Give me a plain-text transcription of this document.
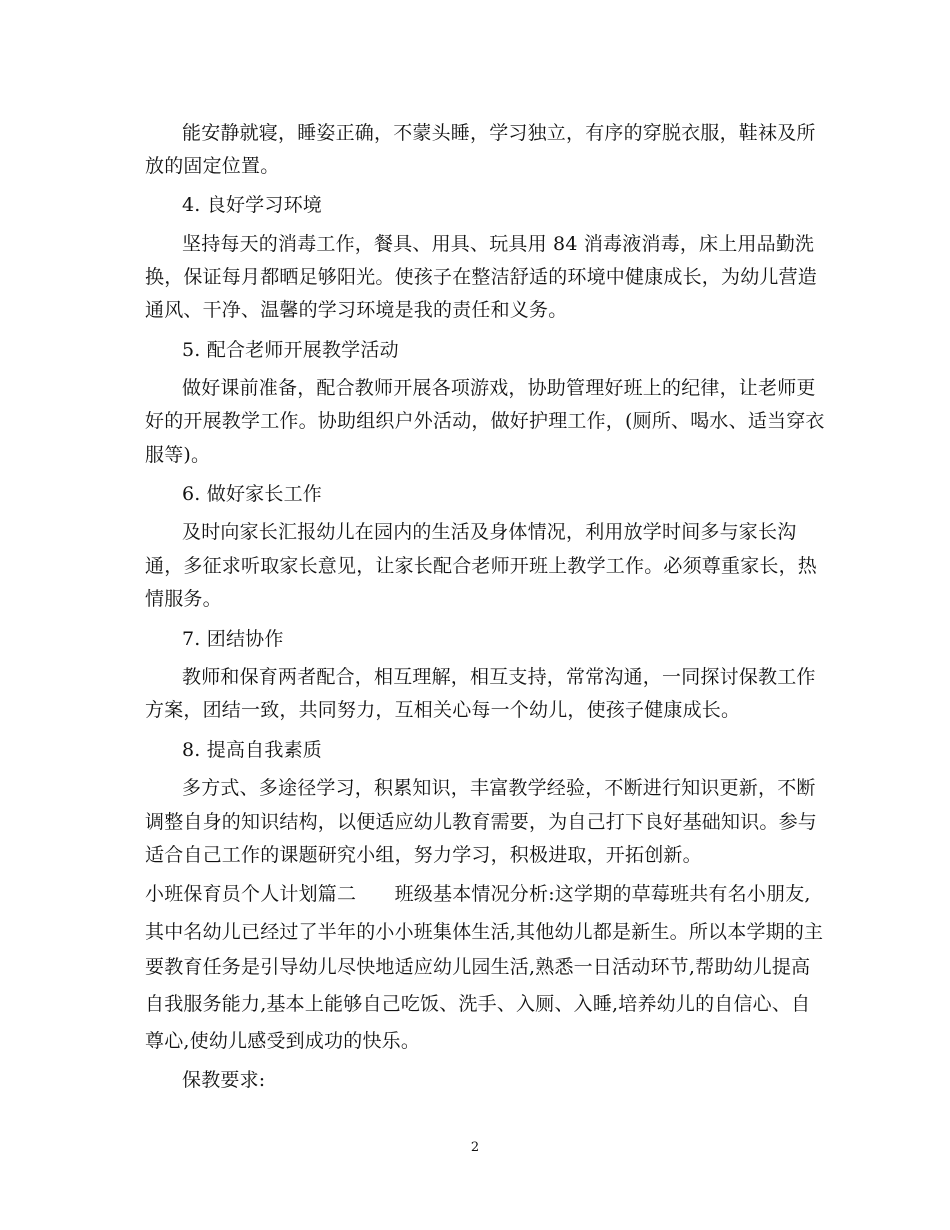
能安静就寝，睡姿正确，不蒙头睡，学习独立，有序的穿脱衣服，鞋袜及所
放的固定位置。
4. 良好学习环境
坚持每天的消毒工作，餐具、用具、玩具用 84 消毒液消毒，床上用品勤洗
换，保证每月都晒足够阳光。使孩子在整洁舒适的环境中健康成长，为幼儿营造
通风、干净、温馨的学习环境是我的责任和义务。
5. 配合老师开展教学活动
做好课前准备，配合教师开展各项游戏，协助管理好班上的纪律，让老师更
好的开展教学工作。协助组织户外活动，做好护理工作，(厕所、喝水、适当穿衣
服等)。
6. 做好家长工作
及时向家长汇报幼儿在园内的生活及身体情况，利用放学时间多与家长沟
通，多征求听取家长意见，让家长配合老师开班上教学工作。必须尊重家长，热
情服务。
7. 团结协作
教师和保育两者配合，相互理解，相互支持，常常沟通，一同探讨保教工作
方案，团结一致，共同努力，互相关心每一个幼儿，使孩子健康成长。
8. 提高自我素质
多方式、多途径学习，积累知识，丰富教学经验，不断进行知识更新，不断
调整自身的知识结构，以便适应幼儿教育需要，为自己打下良好基础知识。参与
适合自己工作的课题研究小组，努力学习，积极进取，开拓创新。
小班保育员个人计划篇二　　班级基本情况分析:这学期的草莓班共有名小朋友,
其中名幼儿已经过了半年的小小班集体生活,其他幼儿都是新生。所以本学期的主
要教育任务是引导幼儿尽快地适应幼儿园生活,熟悉一日活动环节,帮助幼儿提高
自我服务能力,基本上能够自己吃饭、洗手、入厕、入睡,培养幼儿的自信心、自
尊心,使幼儿感受到成功的快乐。
保教要求:
2
